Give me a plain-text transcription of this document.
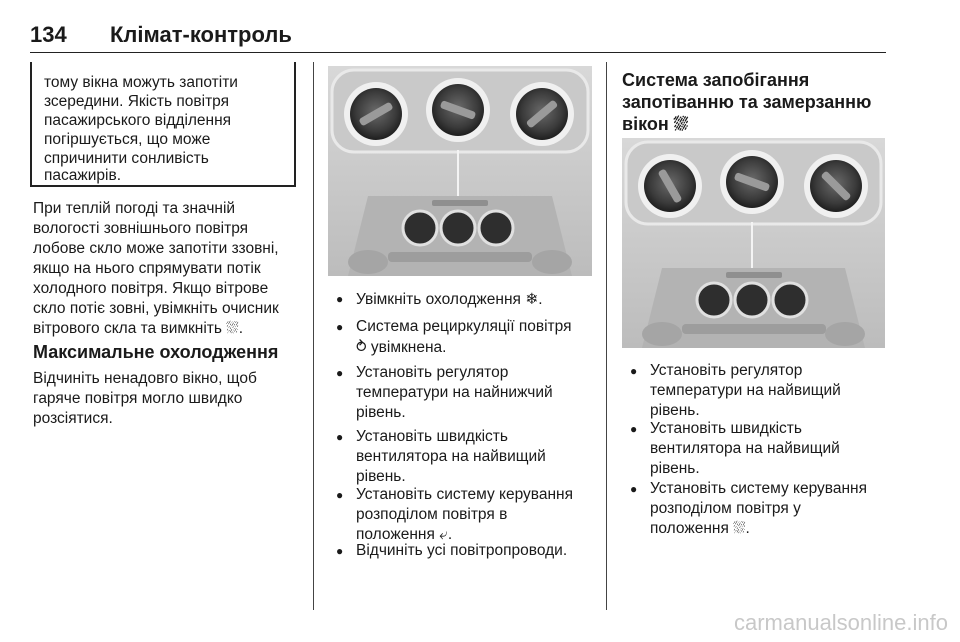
134 Клімат-контроль
тому вікна можуть запотіти
зсередини. Якість повітря
пасажирського відділення
погіршується, що може
спричинити сонливість
пасажирів.
При теплій погоді та значній
вологості зовнішнього повітря
лобове скло може запотіти ззовні,
якщо на нього спрямувати потік
холодного повітря. Якщо вітрове
скло потіє зовні, увімкніть очисник
вітрового скла та вимкніть ⛆.
Максимальне охолодження
Відчиніть ненадовго вікно, щоб
гаряче повітря могло швидко
розсіятися.
● Увімкніть охолодження ❄.
● Система рециркуляції повітря
⥁ увімкнена.
● Установіть регулятор
температури на найнижчий
рівень.
● Установіть швидкість
вентилятора на найвищий
рівень.
● Установіть систему керування
розподілом повітря в
положення ⤶.
● Відчиніть усі повітропроводи.
Система запобігання
запотіванню та замерзанню
вікон ⛆
● Установіть регулятор
температури на найвищий
рівень.
● Установіть швидкість
вентилятора на найвищий
рівень.
● Установіть систему керування
розподілом повітря у
положення ⛆.
carmanualsonline.info
